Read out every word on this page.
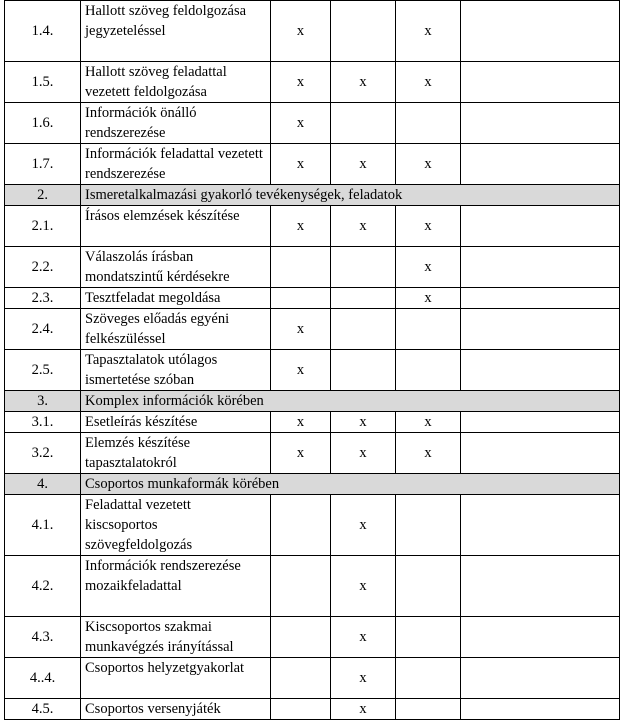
1.4.	Hallott szöveg feldolgozása jegyzeteléssel	x		x	
1.5.	Hallott szöveg feladattal vezetett feldolgozása	x	x	x	
1.6.	Információk önálló rendszerezése	x			
1.7.	Információk feladattal vezetett rendszerezése	x	x	x	
2.	Ismeretalkalmazási gyakorló tevékenységek, feladatok				
2.1.	Írásos elemzések készítése	x	x	x	
2.2.	Válaszolás írásban mondatszintű kérdésekre			x	
2.3.	Tesztfeladat megoldása			x	
2.4.	Szöveges előadás egyéni felkészüléssel	x			
2.5.	Tapasztalatok utólagos ismertetése szóban	x			
3.	Komplex információk körében				
3.1.	Esetleírás készítése	x	x	x	
3.2.	Elemzés készítése tapasztalatokról	x	x	x	
4.	Csoportos munkaformák körében				
4.1.	Feladattal vezetett kiscsoportos szövegfeldolgozás		x		
4.2.	Információk rendszerezése mozaikfeladattal		x		
4.3.	Kiscsoportos szakmai munkavégzés irányítással		x		
4..4.	Csoportos helyzetgyakorlat		x		
4.5.	Csoportos versenyjáték		x		
